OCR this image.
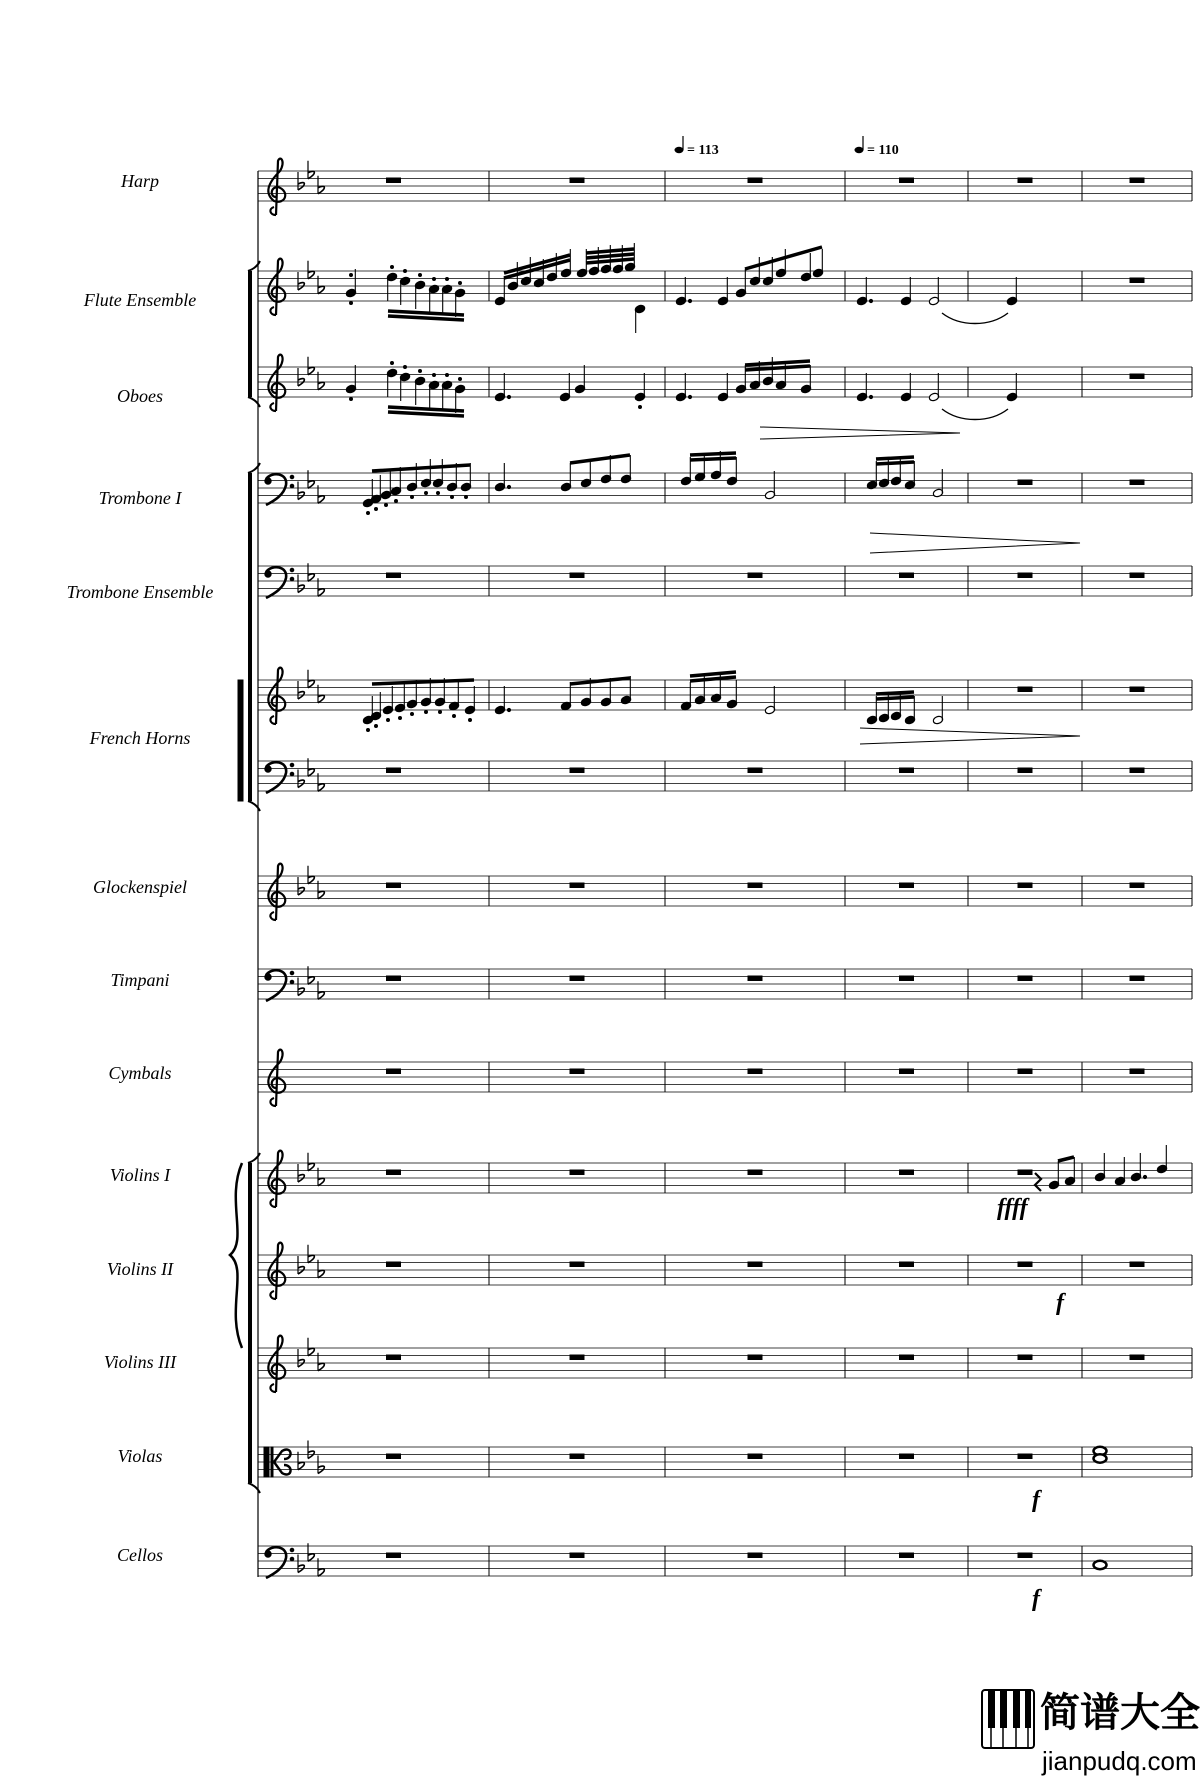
Harp
Flute Ensemble
Oboes
Trombone I
Trombone Ensemble
French Horns
Glockenspiel
Timpani
Cymbals
Violins I
Violins II
Violins III
Violas
Cellos
= 113	= 110
ffff
f
f
f
简谱大全
jianpudq.com
